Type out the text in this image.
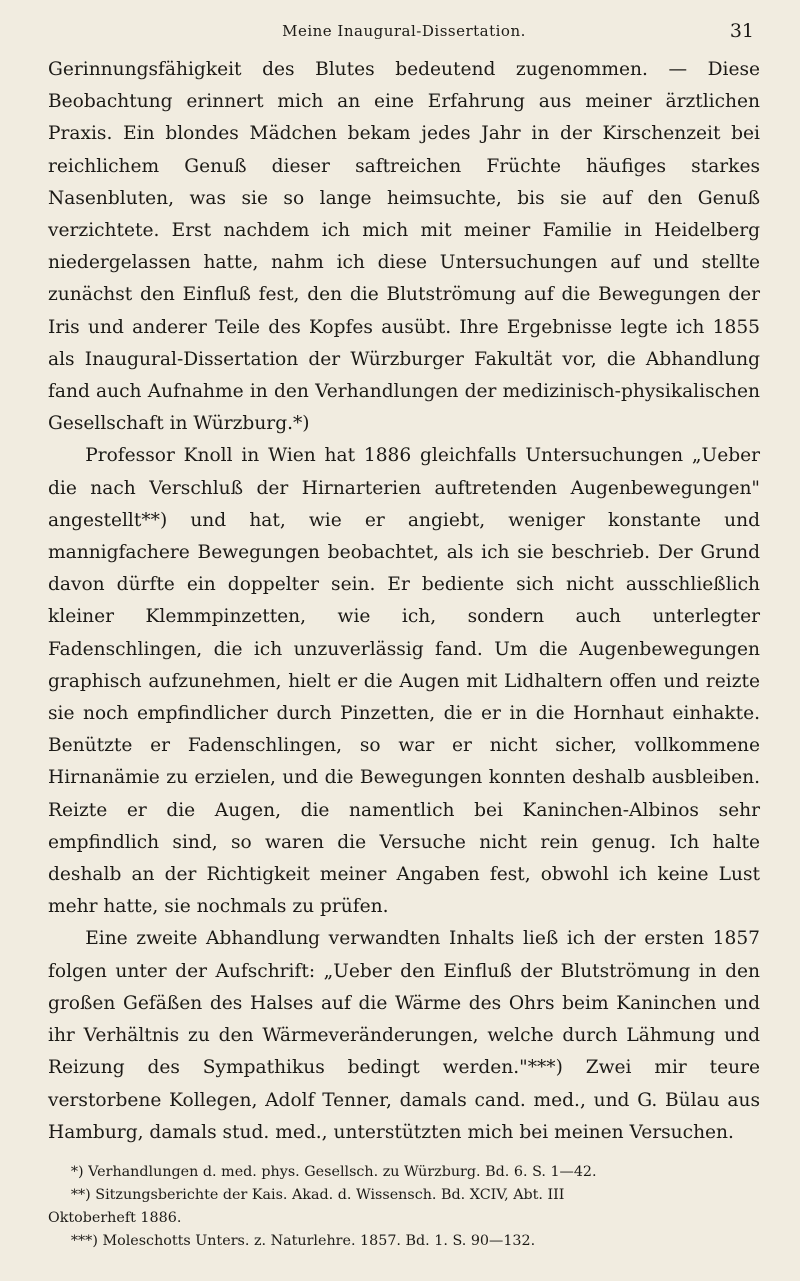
Meine Inaugural-Dissertation.	31

Gerinnungsfähigkeit des Blutes bedeutend zugenommen. — Diese Beobachtung erinnert mich an eine Erfahrung aus meiner ärztlichen Praxis. Ein blondes Mädchen bekam jedes Jahr in der Kirschenzeit bei reichlichem Genuß dieser saftreichen Früchte häufiges starkes Nasenbluten, was sie so lange heimsuchte, bis sie auf den Genuß verzichtete. Erst nachdem ich mich mit meiner Familie in Heidelberg niedergelassen hatte, nahm ich diese Untersuchungen auf und stellte zunächst den Einfluß fest, den die Blutströmung auf die Bewegungen der Iris und anderer Teile des Kopfes ausübt. Ihre Ergebnisse legte ich 1855 als Inaugural-Dissertation der Würzburger Fakultät vor, die Abhandlung fand auch Aufnahme in den Verhandlungen der medizinisch-physikalischen Gesellschaft in Würzburg.*)

Professor Knoll in Wien hat 1886 gleichfalls Untersuchungen „Ueber die nach Verschluß der Hirnarterien auftretenden Augenbewegungen" angestellt**) und hat, wie er angiebt, weniger konstante und mannigfachere Bewegungen beobachtet, als ich sie beschrieb. Der Grund davon dürfte ein doppelter sein. Er bediente sich nicht ausschließlich kleiner Klemmpinzetten, wie ich, sondern auch unterlegter Fadenschlingen, die ich unzuverlässig fand. Um die Augenbewegungen graphisch aufzunehmen, hielt er die Augen mit Lidhaltern offen und reizte sie noch empfindlicher durch Pinzetten, die er in die Hornhaut einhakte. Benützte er Fadenschlingen, so war er nicht sicher, vollkommene Hirnanämie zu erzielen, und die Bewegungen konnten deshalb ausbleiben. Reizte er die Augen, die namentlich bei Kaninchen-Albinos sehr empfindlich sind, so waren die Versuche nicht rein genug. Ich halte deshalb an der Richtigkeit meiner Angaben fest, obwohl ich keine Lust mehr hatte, sie nochmals zu prüfen.

Eine zweite Abhandlung verwandten Inhalts ließ ich der ersten 1857 folgen unter der Aufschrift: „Ueber den Einfluß der Blutströmung in den großen Gefäßen des Halses auf die Wärme des Ohrs beim Kaninchen und ihr Verhältnis zu den Wärmeveränderungen, welche durch Lähmung und Reizung des Sympathikus bedingt werden."***) Zwei mir teure verstorbene Kollegen, Adolf Tenner, damals cand. med., und G. Bülau aus Hamburg, damals stud. med., unterstützten mich bei meinen Versuchen.

*) Verhandlungen d. med. phys. Gesellsch. zu Würzburg. Bd. 6. S. 1—42.

**) Sitzungsberichte der Kais. Akad. d. Wissensch. Bd. XCIV, Abt. III

Oktoberheft 1886.

***) Moleschotts Unters. z. Naturlehre. 1857. Bd. 1. S. 90—132.
